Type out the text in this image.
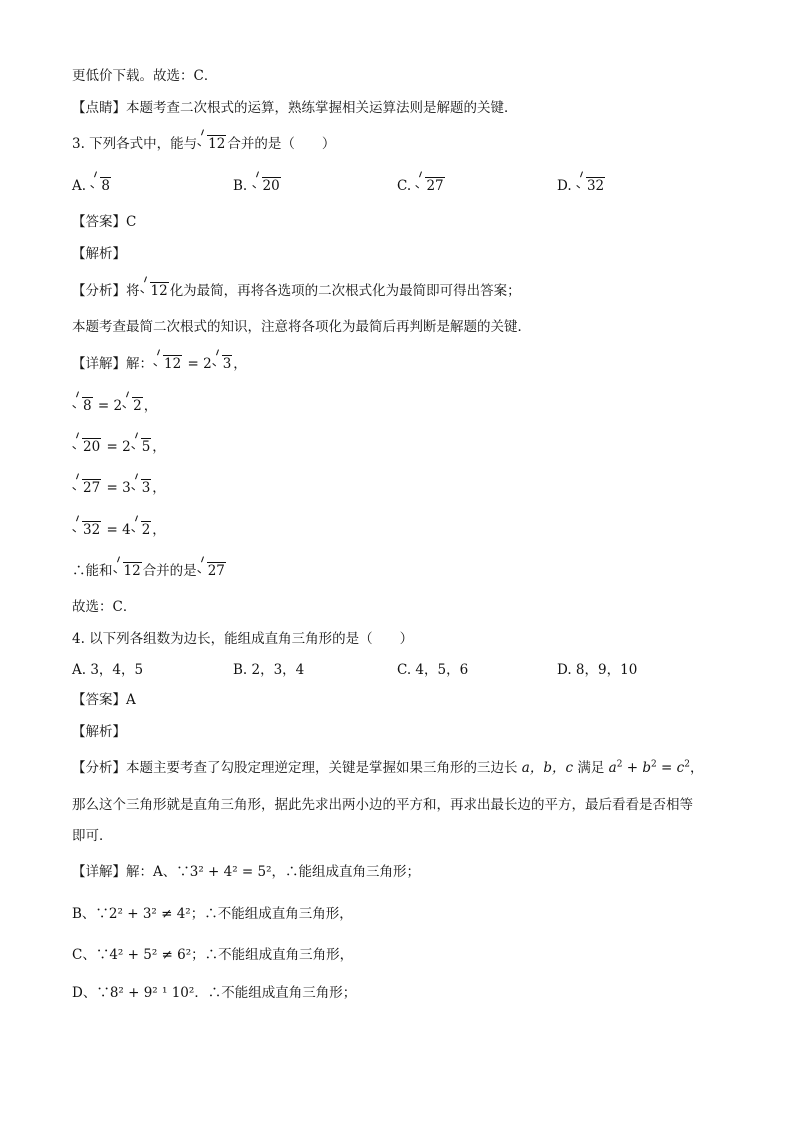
更低价下载。故选：C．
【点睛】本题考查二次根式的运算，熟练掌握相关运算法则是解题的关键．
3. 下列各式中，能与 12 合并的是（　　）
A. 8	B. 20	C. 27	D. 32
【答案】C
【解析】
【分析】将 12 化为最简，再将各选项的二次根式化为最简即可得出答案；
本题考查最简二次根式的知识，注意将各项化为最简后再判断是解题的关键．
【详解】解： 12 = 2 3 ，
8 = 2 2 ，
20 = 2 5 ，
27 = 3 3 ，
32 = 4 2 ，
∴能和 12 合并的是 27
故选：C．
4. 以下列各组数为边长，能组成直角三角形的是（　　）
A. 3，4，5	B. 2，3，4	C. 4，5，6	D. 8，9，10
【答案】A
【解析】
【分析】本题主要考查了勾股定理逆定理，关键是掌握如果三角形的三边长 a，b，c 满足 $a^2 + b^2 = c^2$，
那么这个三角形就是直角三角形，据此先求出两小边的平方和，再求出最长边的平方，最后看看是否相等
即可．
【详解】解：A、∵3² + 4² = 5²，∴能组成直角三角形；
B、∵2² + 3² ≠ 4²；∴不能组成直角三角形，
C、∵4² + 5² ≠ 6²；∴不能组成直角三角形，
D、∵8² + 9² ¹ 10²．∴不能组成直角三角形；
